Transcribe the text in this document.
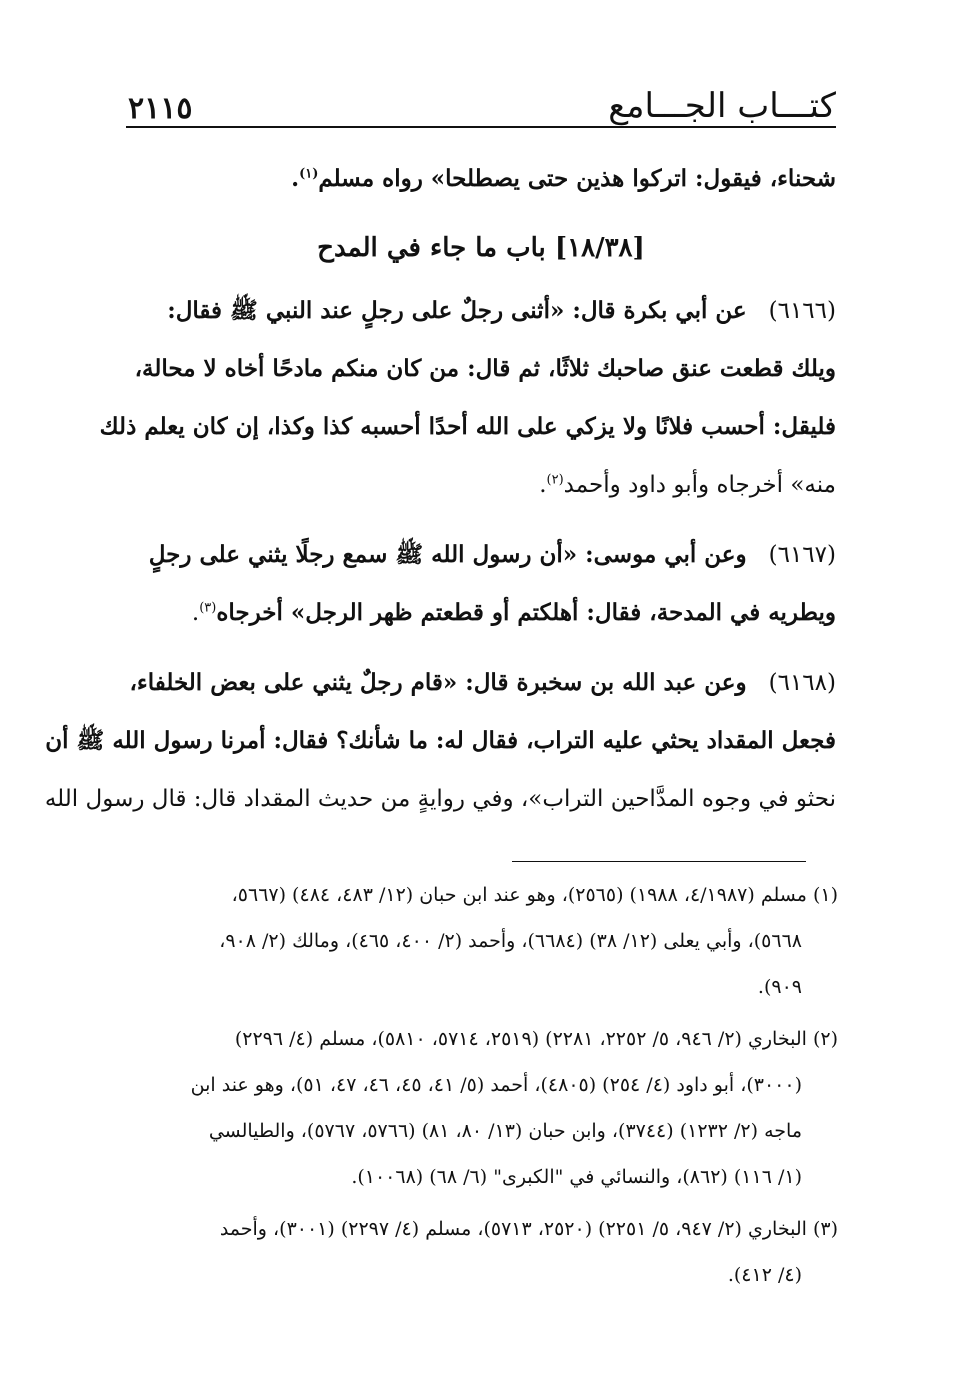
٢١١٥	كتـــاب الجـــامع

شحناء، فيقول: اتركوا هذين حتى يصطلحا» رواه مسلم$^{(١)}$.

[١٨/٣٨] باب ما جاء في المدح

(٦١٦٦)عن أبي بكرة قال: «أثنى رجلٌ على رجلٍ عند النبي ﷺ فقال:
ويلك قطعت عنق صاحبك ثلاثًا، ثم قال: من كان منكم مادحًا أخاه لا محالة،
فليقل: أحسب فلانًا ولا يزكي على الله أحدًا أحسبه كذا وكذا، إن كان يعلم ذلك
منه» أخرجاه وأبو داود وأحمد$^{(٢)}$.

(٦١٦٧)وعن أبي موسى: «أن رسول الله ﷺ سمع رجلًا يثني على رجلٍ
ويطريه في المدحة، فقال: أهلكتم أو قطعتم ظهر الرجل» أخرجاه$^{(٣)}$.

(٦١٦٨)وعن عبد الله بن سخبرة قال: «قام رجلٌ يثني على بعض الخلفاء،
فجعل المقداد يحثي عليه التراب، فقال له: ما شأنك؟ فقال: أمرنا رسول الله ﷺ أن
نحثو في وجوه المدَّاحين التراب»، وفي روايةٍ من حديث المقداد قال: قال رسول الله

(١) مسلم (٤/١٩٨٧، ١٩٨٨) (٢٥٦٥)، وهو عند ابن حبان (١٢/ ٤٨٣، ٤٨٤) (٥٦٦٧،
٥٦٦٨)، وأبي يعلى (١٢/ ٣٨) (٦٦٨٤)، وأحمد (٢/ ٤٠٠، ٤٦٥)، ومالك (٢/ ٩٠٨،
٩٠٩).
(٢) البخاري (٢/ ٩٤٦، ٥/ ٢٢٥٢، ٢٢٨١) (٢٥١٩، ٥٧١٤، ٥٨١٠)، مسلم (٤/ ٢٢٩٦)
(٣٠٠٠)، أبو داود (٤/ ٢٥٤) (٤٨٠٥)، أحمد (٥/ ٤١، ٤٥، ٤٦، ٤٧، ٥١)، وهو عند ابن
ماجه (٢/ ١٢٣٢) (٣٧٤٤)، وابن حبان (١٣/ ٨٠، ٨١) (٥٧٦٦، ٥٧٦٧)، والطيالسي
(١/ ١١٦) (٨٦٢)، والنسائي في "الكبرى" (٦/ ٦٨) (١٠٠٦٨).
(٣) البخاري (٢/ ٩٤٧، ٥/ ٢٢٥١) (٢٥٢٠، ٥٧١٣)، مسلم (٤/ ٢٢٩٧) (٣٠٠١)، وأحمد
(٤/ ٤١٢).
